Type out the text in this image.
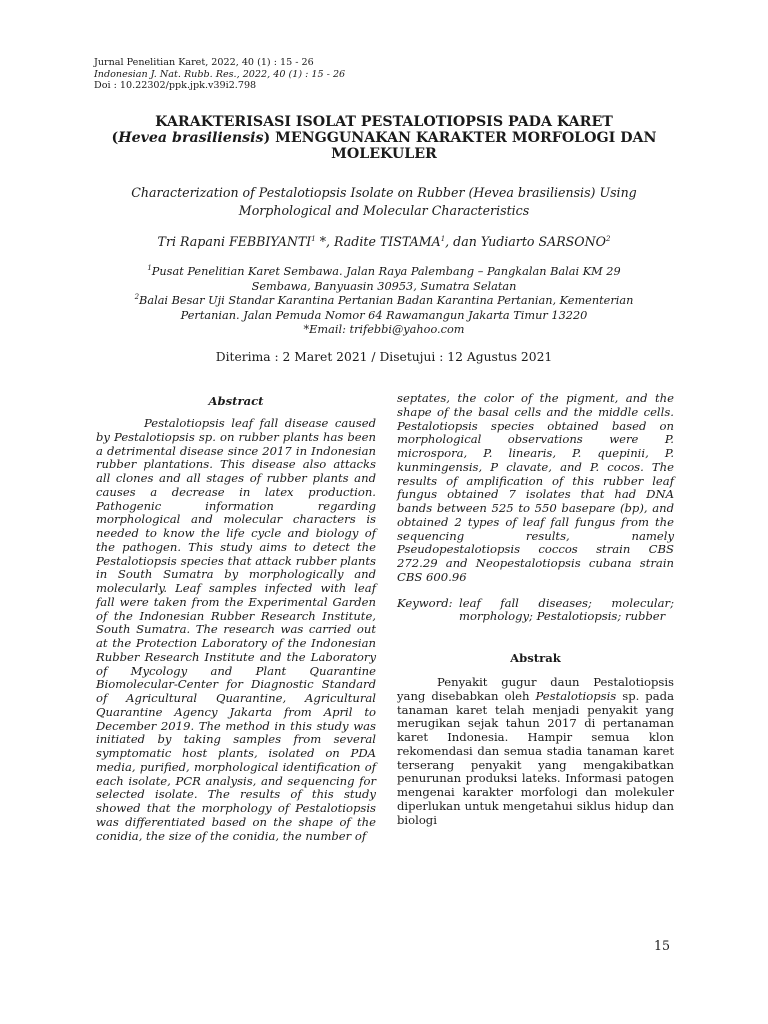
Jurnal Penelitian Karet, 2022, 40 (1) : 15 - 26
Indonesian J. Nat. Rubb. Res., 2022, 40 (1) : 15 - 26
Doi : 10.22302/ppk.jpk.v39i2.798

KARAKTERISASI ISOLAT PESTALOTIOPSIS PADA KARET

(Hevea brasiliensis) MENGGUNAKAN KARAKTER MORFOLOGI DAN

MOLEKULER

Characterization of Pestalotiopsis Isolate on Rubber (Hevea brasiliensis) Using
Morphological and Molecular Characteristics
Tri Rapani FEBBIYANTI$^1$ *, Radite TISTAMA$^1$, dan Yudiarto SARSONO$^2$
$^1$Pusat Penelitian Karet Sembawa. Jalan Raya Palembang – Pangkalan Balai KM 29
Sembawa, Banyuasin 30953, Sumatra Selatan
$^2$Balai Besar Uji Standar Karantina Pertanian Badan Karantina Pertanian, Kementerian
Pertanian. Jalan Pemuda Nomor 64 Rawamangun Jakarta Timur 13220
*Email: trifebbi@yahoo.com
Diterima : 2 Maret 2021 / Disetujui : 12 Agustus 2021
Abstract
Pestalotiopsis leaf fall disease caused by Pestalotiopsis sp. on rubber plants has been a detrimental disease since 2017 in Indonesian rubber plantations. This disease also attacks all clones and all stages of rubber plants and causes a decrease in latex production. Pathogenic information regarding morphological and molecular characters is needed to know the life cycle and biology of the pathogen. This study aims to detect the Pestalotiopsis species that attack rubber plants in South Sumatra by morphologically and molecularly. Leaf samples infected with leaf fall were taken from the Experimental Garden of the Indonesian Rubber Research Institute, South Sumatra. The research was carried out at the Protection Laboratory of the Indonesian Rubber Research Institute and the Laboratory of Mycology and Plant Quarantine Biomolecular-Center for Diagnostic Standard of Agricultural Quarantine, Agricultural Quarantine Agency Jakarta from April to December 2019. The method in this study was initiated by taking samples from several symptomatic host plants, isolated on PDA media, purified, morphological identification of each isolate, PCR analysis, and sequencing for selected isolate. The results of this study showed that the morphology of Pestalotiopsis was differentiated based on the shape of the conidia, the size of the conidia, the number of
septates, the color of the pigment, and the shape of the basal cells and the middle cells. Pestalotiopsis species obtained based on morphological observations were P. microspora, P. linearis, P. quepinii, P. kunmingensis, P clavate, and P. cocos. The results of amplification of this rubber leaf fungus obtained 7 isolates that had DNA bands between 525 to 550 basepare (bp), and obtained 2 types of leaf fall fungus from the sequencing results, namely Pseudopestalotiopsis coccos strain CBS 272.29 and Neopestalotiopsis cubana strain CBS 600.96
Keyword: leaf fall diseases; molecular; morphology; Pestalotiopsis; rubber
Abstrak
Penyakit gugur daun Pestalotiopsis yang disebabkan oleh Pestalotiopsis sp. pada tanaman karet telah menjadi penyakit yang merugikan sejak tahun 2017 di pertanaman karet Indonesia. Hampir semua klon rekomendasi dan semua stadia tanaman karet terserang penyakit yang mengakibatkan penurunan produksi lateks. Informasi patogen mengenai karakter morfologi dan molekuler diperlukan untuk mengetahui siklus hidup dan biologi
15
